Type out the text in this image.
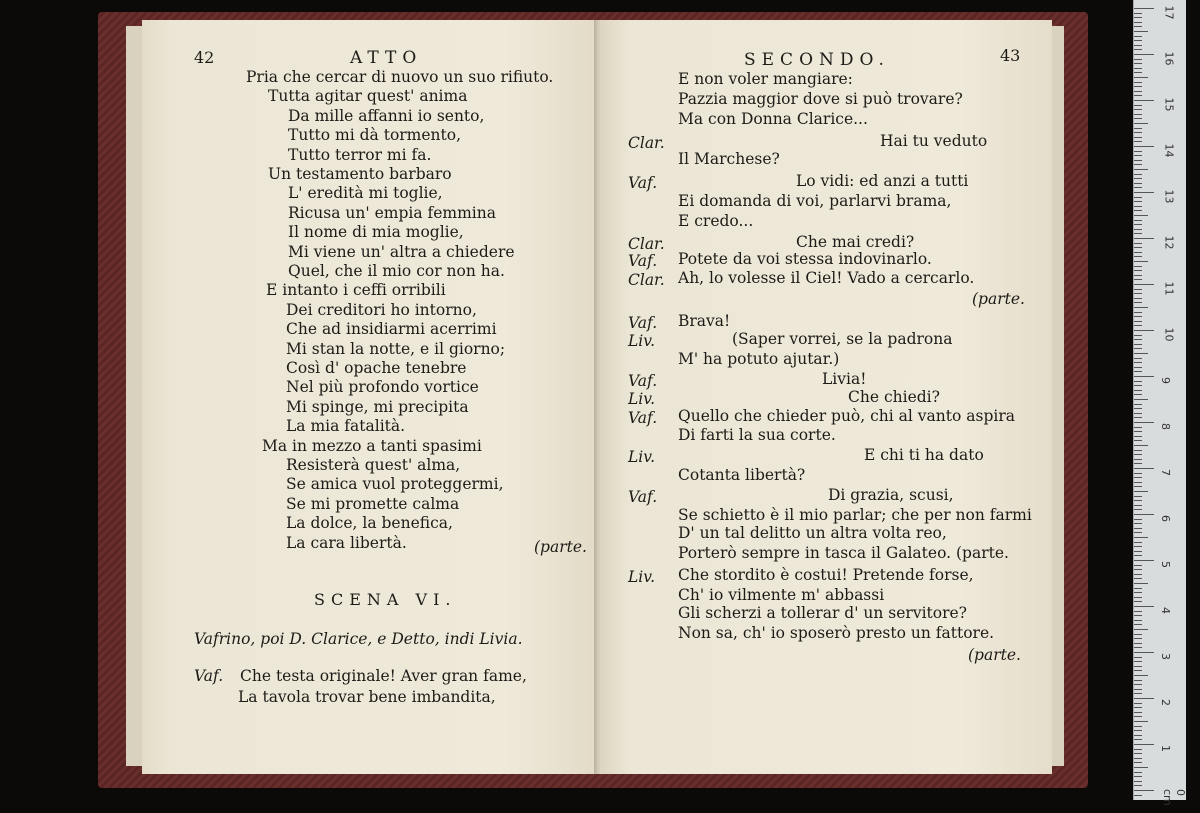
42	ATTO
Pria che cercar di nuovo un suo rifiuto.
Tutta agitar quest' anima
Da mille affanni io sento,
Tutto mi dà tormento,
Tutto terror mi fa.
Un testamento barbaro
L' eredità mi toglie,
Ricusa un' empia femmina
Il nome di mia moglie,
Mi viene un' altra a chiedere
Quel, che il mio cor non ha.
E intanto i ceffi orribili
Dei creditori ho intorno,
Che ad insidiarmi acerrimi
Mi stan la notte, e il giorno;
Così d' opache tenebre
Nel più profondo vortice
Mi spinge, mi precipita
La mia fatalità.
Ma in mezzo a tanti spasimi
Resisterà quest' alma,
Se amica vuol proteggermi,
Se mi promette calma
La dolce, la benefica,
La cara libertà.	(parte.
SCENA VI.
Vafrino, poi D. Clarice, e Detto, indi Livia.
Vaf. Che testa originale! Aver gran fame,
La tavola trovar bene imbandita,
SECONDO.	43
E non voler mangiare:
Pazzia maggior dove si può trovare?
Ma con Donna Clarice...
Clar.	Hai tu veduto
Il Marchese?
Vaf.	Lo vidi: ed anzi a tutti
Ei domanda di voi, parlarvi brama,
E credo...
Clar.	Che mai credi?
Vaf. Potete da voi stessa indovinarlo.
Clar. Ah, lo volesse il Ciel! Vado a cercarlo.
(parte.
Vaf. Brava!
Liv.	(Saper vorrei, se la padrona
M' ha potuto ajutar.)
Vaf.	Livia!
Liv.	Che chiedi?
Vaf. Quello che chieder può, chi al vanto aspira
Di farti la sua corte.
Liv.	E chi ti ha dato
Cotanta libertà?
Vaf.	Di grazia, scusi,
Se schietto è il mio parlar; che per non farmi
D' un tal delitto un altra volta reo,
Porterò sempre in tasca il Galateo. (parte.
Liv. Che stordito è costui! Pretende forse,
Ch' io vilmente m' abbassi
Gli scherzi a tollerar d' un servitore?
Non sa, ch' io sposerò presto un fattore.
(parte.
17
16
15
14
13
12
11
10
9
8
7
6
5
4
3
2
1
0 cm
